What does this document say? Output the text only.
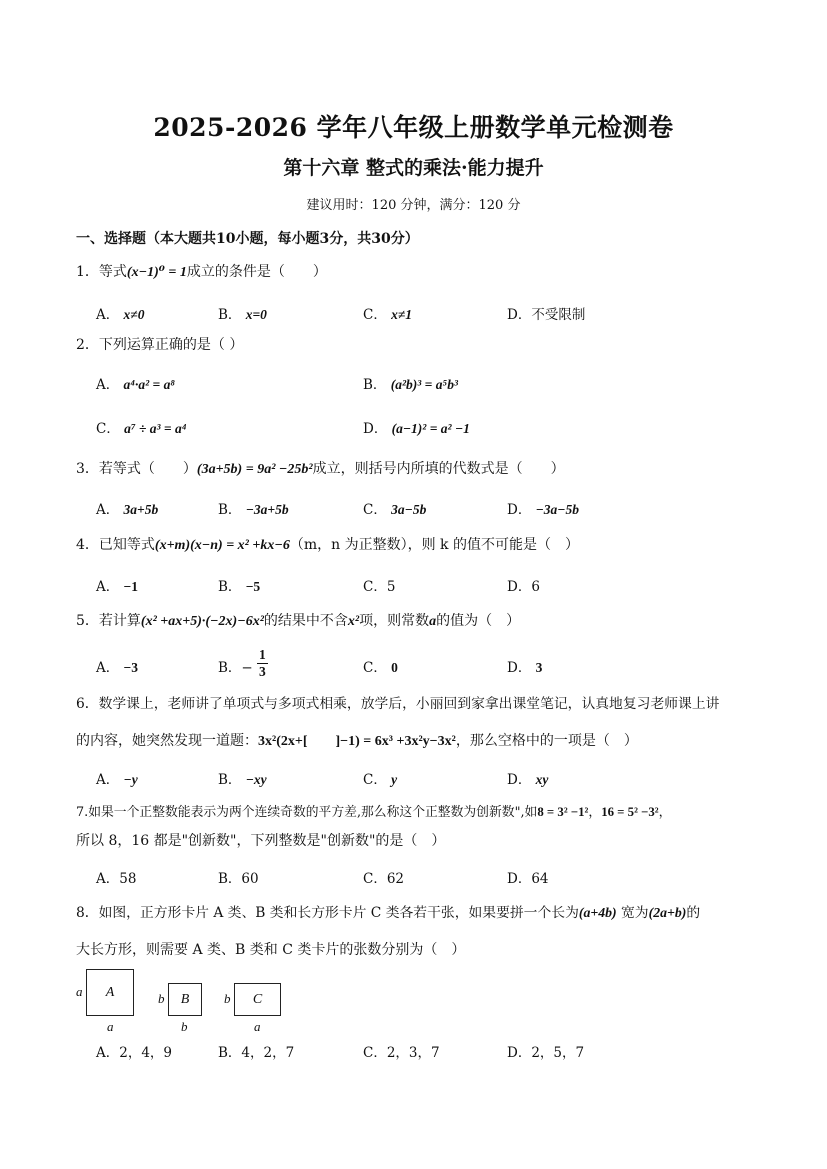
2025-2026 学年八年级上册数学单元检测卷
第十六章 整式的乘法·能力提升
建议用时：120 分钟，满分：120 分
一、选择题（本大题共10小题，每小题3分，共30分）
1．等式(x−1)⁰ = 1成立的条件是（　　）
A． x≠0	B． x=0	C． x≠1	D．不受限制
2．下列运算正确的是（ ）
A． a⁴·a² = a⁸	B． (a²b)³ = a⁵b³
C． a⁷ ÷ a³ = a⁴	D． (a−1)² = a² −1
3．若等式（　　）(3a+5b) = 9a² −25b²成立，则括号内所填的代数式是（　　）
A． 3a+5b	B． −3a+5b	C． 3a−5b	D． −3a−5b
4．已知等式(x+m)(x−n) = x² +kx−6（m，n 为正整数），则 k 的值不可能是（　）
A． −1	B． −5	C．5	D．6
5．若计算(x² +ax+5)·(−2x)−6x²的结果中不含x²项，则常数a的值为（　）
A． −3	B．− $\frac{1}{3}$	C． 0	D． 3
6．数学课上，老师讲了单项式与多项式相乘，放学后，小丽回到家拿出课堂笔记，认真地复习老师课上讲
的内容，她突然发现一道题：3x²(2x+[　　]−1) = 6x³ +3x²y−3x²，那么空格中的一项是（　）
A． −y	B． −xy	C． y	D． xy
7.如果一个正整数能表示为两个连续奇数的平方差,那么称这个正整数为创新数",如8 = 3² −1²，16 = 5² −3²，
所以 8，16 都是"创新数"，下列整数是"创新数"的是（　）
A．58	B．60	C．62	D．64
8．如图，正方形卡片 A 类、B 类和长方形卡片 C 类各若干张，如果要拼一个长为(a+4b) 宽为(2a+b)的
大长方形，则需要 A 类、B 类和 C 类卡片的张数分别为（　）
A
a
a
B
b
b
C
b
a
A．2，4，9	B．4，2，7	C．2，3，7	D．2，5，7
